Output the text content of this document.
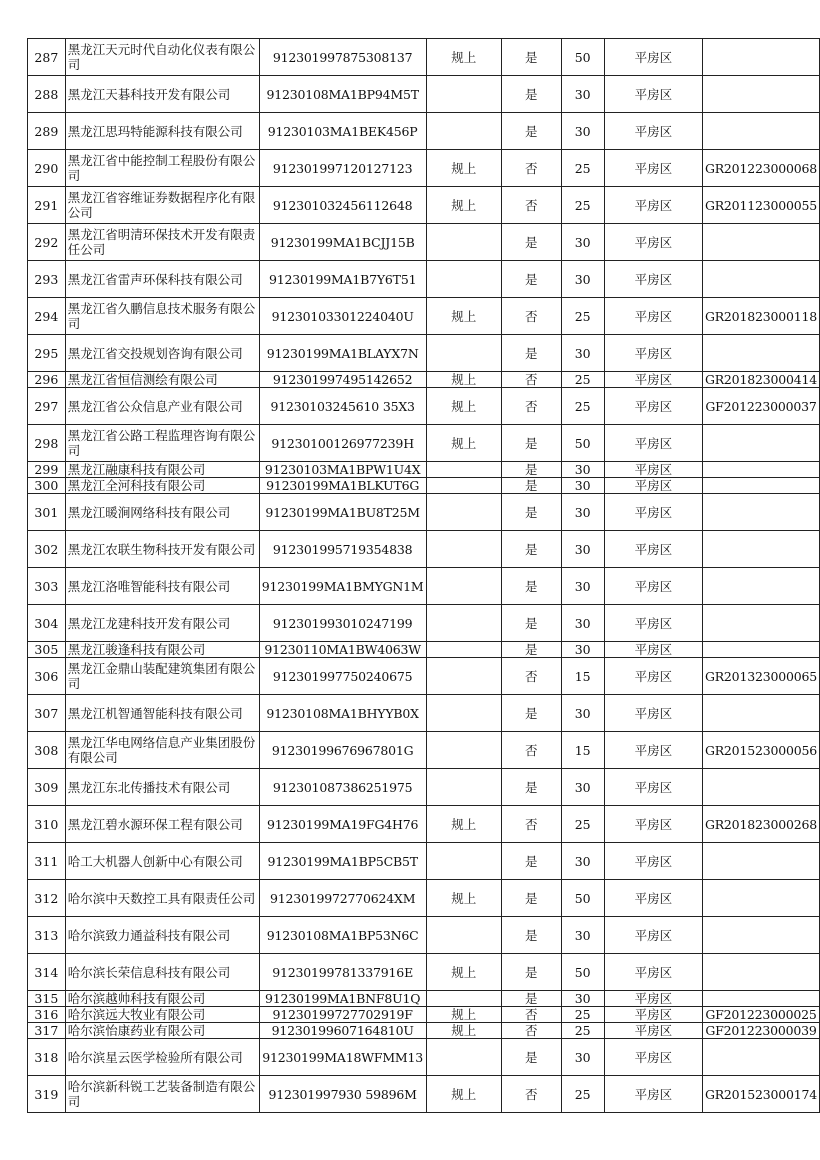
287	黑龙江天元时代自动化仪表有限公司	912301997875308137	规上	是	50	平房区	
288	黑龙江天碁科技开发有限公司	91230108MA1BP94M5T		是	30	平房区	
289	黑龙江思玛特能源科技有限公司	91230103MA1BEK456P		是	30	平房区	
290	黑龙江省中能控制工程股份有限公司	912301997120127123	规上	否	25	平房区	GR201223000068
291	黑龙江省容维证券数据程序化有限公司	912301032456112648	规上	否	25	平房区	GR201123000055
292	黑龙江省明清环保技术开发有限责任公司	91230199MA1BCJJ15B		是	30	平房区	
293	黑龙江省雷声环保科技有限公司	91230199MA1B7Y6T51		是	30	平房区	
294	黑龙江省久鹏信息技术服务有限公司	91230103301224040U	规上	否	25	平房区	GR201823000118
295	黑龙江省交投规划咨询有限公司	91230199MA1BLAYX7N		是	30	平房区	
296	黑龙江省恒信测绘有限公司	912301997495142652	规上	否	25	平房区	GR201823000414
297	黑龙江省公众信息产业有限公司	91230103245610 35X3	规上	否	25	平房区	GF201223000037
298	黑龙江省公路工程监理咨询有限公司	91230100126977239H	规上	是	50	平房区	
299	黑龙江融康科技有限公司	91230103MA1BPW1U4X		是	30	平房区	
300	黑龙江全河科技有限公司	91230199MA1BLKUT6G		是	30	平房区	
301	黑龙江暖涧网络科技有限公司	91230199MA1BU8T25M		是	30	平房区	
302	黑龙江农联生物科技开发有限公司	912301995719354838		是	30	平房区	
303	黑龙江洛唯智能科技有限公司	91230199MA1BMYGN1M		是	30	平房区	
304	黑龙江龙建科技开发有限公司	912301993010247199		是	30	平房区	
305	黑龙江骏逢科技有限公司	91230110MA1BW4063W		是	30	平房区	
306	黑龙江金鼎山装配建筑集团有限公司	912301997750240675		否	15	平房区	GR201323000065
307	黑龙江机智通智能科技有限公司	91230108MA1BHYYB0X		是	30	平房区	
308	黑龙江华电网络信息产业集团股份有限公司	91230199676967801G		否	15	平房区	GR201523000056
309	黑龙江东北传播技术有限公司	912301087386251975		是	30	平房区	
310	黑龙江碧水源环保工程有限公司	91230199MA19FG4H76	规上	否	25	平房区	GR201823000268
311	哈工大机器人创新中心有限公司	91230199MA1BP5CB5T		是	30	平房区	
312	哈尔滨中天数控工具有限责任公司	9123019972770624XM	规上	是	50	平房区	
313	哈尔滨致力通益科技有限公司	91230108MA1BP53N6C		是	30	平房区	
314	哈尔滨长荣信息科技有限公司	91230199781337916E	规上	是	50	平房区	
315	哈尔滨越帅科技有限公司	91230199MA1BNF8U1Q		是	30	平房区	
316	哈尔滨远大牧业有限公司	91230199727702919F	规上	否	25	平房区	GF201223000025
317	哈尔滨怡康药业有限公司	91230199607164810U	规上	否	25	平房区	GF201223000039
318	哈尔滨星云医学检验所有限公司	91230199MA18WFMM13		是	30	平房区	
319	哈尔滨新科锐工艺装备制造有限公司	912301997930 59896M	规上	否	25	平房区	GR201523000174
